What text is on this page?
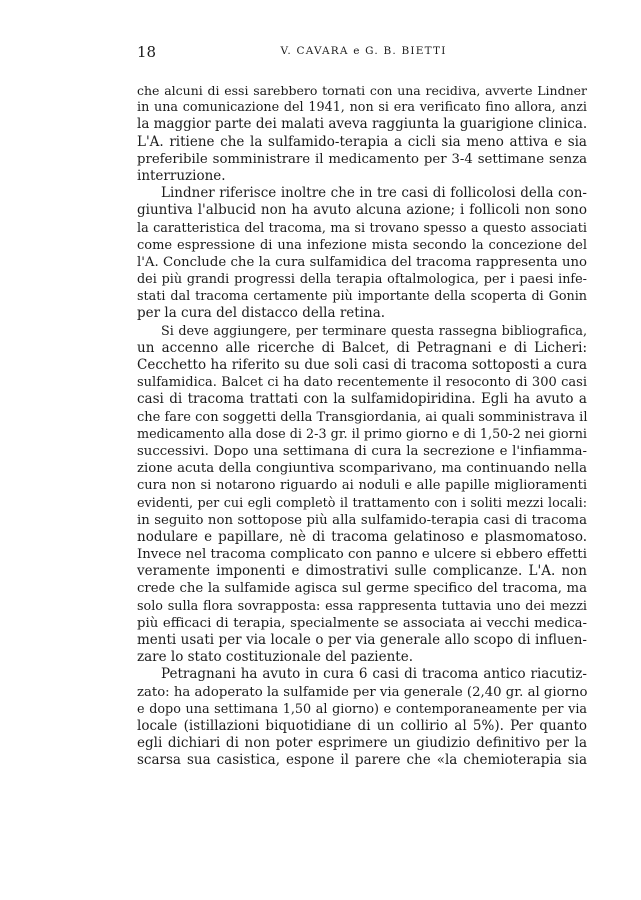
18	V. CAVARA e G. B. BIETTI
che alcuni di essi sarebbero tornati con una recidiva, avverte Lindner
in una comunicazione del 1941, non si era verificato fino allora, anzi
la maggior parte dei malati aveva raggiunta la guarigione clinica.
L'A. ritiene che la sulfamido-terapia a cicli sia meno attiva e sia
preferibile somministrare il medicamento per 3-4 settimane senza
interruzione.
Lindner riferisce inoltre che in tre casi di follicolosi della con-
giuntiva l'albucid non ha avuto alcuna azione; i follicoli non sono
la caratteristica del tracoma, ma si trovano spesso a questo associati
come espressione di una infezione mista secondo la concezione del
l'A. Conclude che la cura sulfamidica del tracoma rappresenta uno
dei più grandi progressi della terapia oftalmologica, per i paesi infe-
stati dal tracoma certamente più importante della scoperta di Gonin
per la cura del distacco della retina.
Si deve aggiungere, per terminare questa rassegna bibliografica,
un accenno alle ricerche di Balcet, di Petragnani e di Licheri:
Cecchetto ha riferito su due soli casi di tracoma sottoposti a cura
sulfamidica. Balcet ci ha dato recentemente il resoconto di 300 casi
casi di tracoma trattati con la sulfamidopiridina. Egli ha avuto a
che fare con soggetti della Transgiordania, ai quali somministrava il
medicamento alla dose di 2-3 gr. il primo giorno e di 1,50-2 nei giorni
successivi. Dopo una settimana di cura la secrezione e l'infiamma-
zione acuta della congiuntiva scomparivano, ma continuando nella
cura non si notarono riguardo ai noduli e alle papille miglioramenti
evidenti, per cui egli completò il trattamento con i soliti mezzi locali:
in seguito non sottopose più alla sulfamido-terapia casi di tracoma
nodulare e papillare, nè di tracoma gelatinoso e plasmomatoso.
Invece nel tracoma complicato con panno e ulcere si ebbero effetti
veramente imponenti e dimostrativi sulle complicanze. L'A. non
crede che la sulfamide agisca sul germe specifico del tracoma, ma
solo sulla flora sovrapposta: essa rappresenta tuttavia uno dei mezzi
più efficaci di terapia, specialmente se associata ai vecchi medica-
menti usati per via locale o per via generale allo scopo di influen-
zare lo stato costituzionale del paziente.
Petragnani ha avuto in cura 6 casi di tracoma antico riacutiz-
zato: ha adoperato la sulfamide per via generale (2,40 gr. al giorno
e dopo una settimana 1,50 al giorno) e contemporaneamente per via
locale (istillazioni biquotidiane di un collirio al 5%). Per quanto
egli dichiari di non poter esprimere un giudizio definitivo per la
scarsa sua casistica, espone il parere che «la chemioterapia sia
